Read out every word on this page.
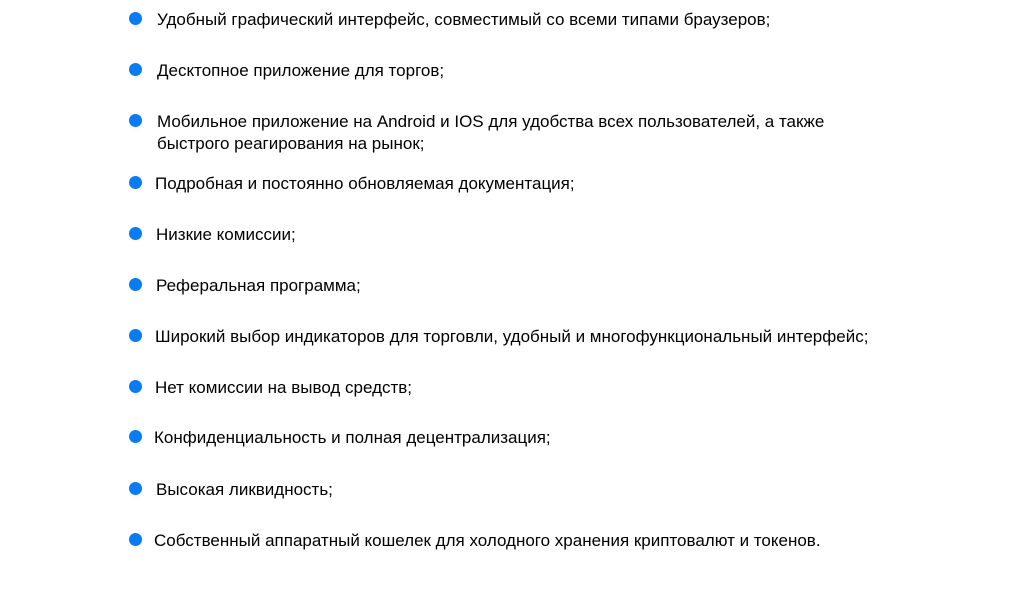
Удобный графический интерфейс, совместимый со всеми типами браузеров;
Десктопное приложение для торгов;
Мобильное приложение на Android и IOS для удобства всех пользователей, а также быстрого реагирования на рынок;
Подробная и постоянно обновляемая документация;
Низкие комиссии;
Реферальная программа;
Широкий выбор индикаторов для торговли, удобный и многофункциональный интерфейс;
Нет комиссии на вывод средств;
Конфиденциальность и полная децентрализация;
Высокая ликвидность;
Собственный аппаратный кошелек для холодного хранения криптовалют и токенов.
